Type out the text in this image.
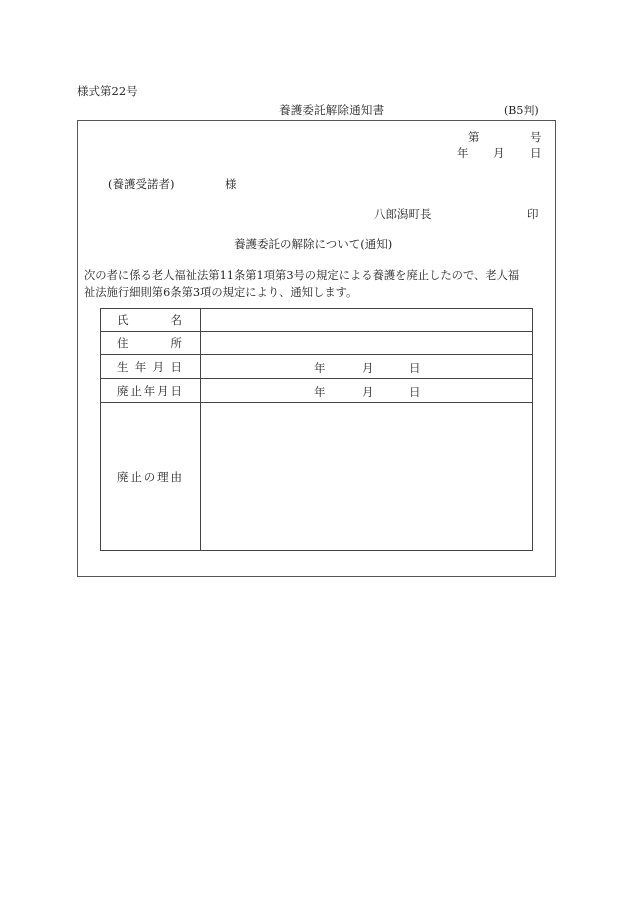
様式第22号
養護委託解除通知書	(B5判)
第	号
年 月 日
(養護受諾者)	様
八郎潟町長	印
養護委託の解除について(通知)
次の者に係る老人福祉法第11条第1項第3号の規定による養護を廃止したので、老人福
祉法施行細則第6条第3項の規定により、通知します。
氏 名	

住 所	

生 年 月 日	年 月 日

廃 止 年 月 日	年 月 日

廃 止 の 理 由	
